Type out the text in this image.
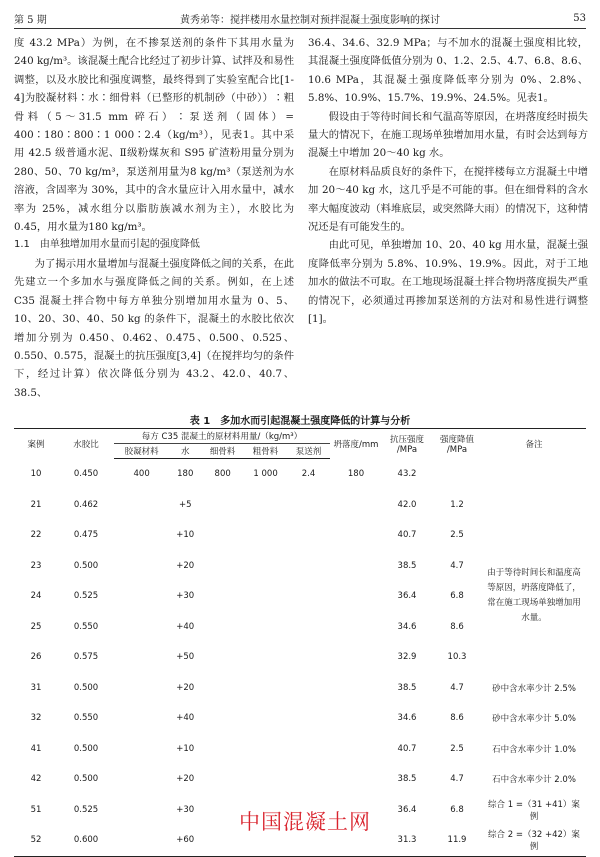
第 5 期	黄秀弟等：搅拌楼用水量控制对预拌混凝土强度影响的探讨	53

度 43.2 MPa）为例，在不掺泵送剂的条件下其用水量为 240 kg/m³。该混凝土配合比经过了初步计算、试拌及和易性调整，以及水胶比和强度调整，最终得到了实验室配合比[1-4]为胶凝材料∶水∶细骨料（已整形的机制砂（中砂））∶粗骨料（5～31.5 mm 碎石）∶泵送剂（固体）= 400∶180∶800∶1 000∶2.4（kg/m³），见表1。其中采用 42.5 级普通水泥、Ⅱ级粉煤灰和 S95 矿渣粉用量分别为 280、50、70 kg/m³，泵送剂用量为8 kg/m³（泵送剂为水溶液，含固率为 30%，其中的含水量应计入用水量中，减水率为 25%，减水组分以脂肪族减水剂为主），水胶比为 0.45，用水量为180 kg/m³。

1.1　由单独增加用水量而引起的强度降低

为了揭示用水量增加与混凝土强度降低之间的关系，在此先建立一个多加水与强度降低之间的关系。例如，在上述 C35 混凝土拌合物中每方单独分别增加用水量为 0、5、10、20、30、40、50 kg 的条件下，混凝土的水胶比依次增加分别为 0.450、0.462、0.475、0.500、0.525、0.550、0.575，混凝土的抗压强度[3,4]（在搅拌均匀的条件下，经过计算）依次降低分别为 43.2、42.0、40.7、38.5、

36.4、34.6、32.9 MPa；与不加水的混凝土强度相比较，其混凝土强度降低值分别为 0、1.2、2.5、4.7、6.8、8.6、10.6 MPa，其混凝土强度降低率分别为 0%、2.8%、5.8%、10.9%、15.7%、19.9%、24.5%。见表1。

假设由于等待时间长和气温高等原因，在坍落度经时损失量大的情况下，在施工现场单独增加用水量，有时会达到每方混凝土中增加 20～40 kg 水。

在原材料品质良好的条件下，在搅拌楼每立方混凝土中增加 20～40 kg 水，这几乎是不可能的事。但在细骨料的含水率大幅度波动（料堆底层，或突然降大雨）的情况下，这种情况还是有可能发生的。

由此可见，单独增加 10、20、40 kg 用水量，混凝土强度降低率分别为 5.8%、10.9%、19.9%。因此，对于工地加水的做法不可取。在工地现场混凝土拌合物坍落度损失严重的情况下，必须通过再掺加泵送剂的方法对和易性进行调整[1]。

表 1　多加水而引起混凝土强度降低的计算与分析
案例	水胶比	每方 C35 混凝土的原材料用量/（kg/m³）					坍落度/mm	抗压强度
/MPa	强度降值
/MPa	备注
		胶凝材料	水	细骨料	粗骨料	泵送剂				
10	0.450	400	180	800	1 000	2.4	180	43.2		
21	0.462		+5					42.0	1.2	
22	0.475		+10					40.7	2.5	由于等待时间长和温度高等原因，坍落度降低了，常在施工现场单独增加用水量。
23	0.500		+20					38.5	4.7	
24	0.525		+30					36.4	6.8	
25	0.550		+40					34.6	8.6	
26	0.575		+50					32.9	10.3	
31	0.500		+20					38.5	4.7	砂中含水率少计 2.5%
32	0.550		+40					34.6	8.6	砂中含水率少计 5.0%
41	0.500		+10					40.7	2.5	石中含水率少计 1.0%
42	0.500		+20					38.5	4.7	石中含水率少计 2.0%
51	0.525		+30					36.4	6.8	综合 1 =（31 +41）案例
52	0.600		+60					31.3	11.9	综合 2 =（32 +42）案例
中国混凝土网
